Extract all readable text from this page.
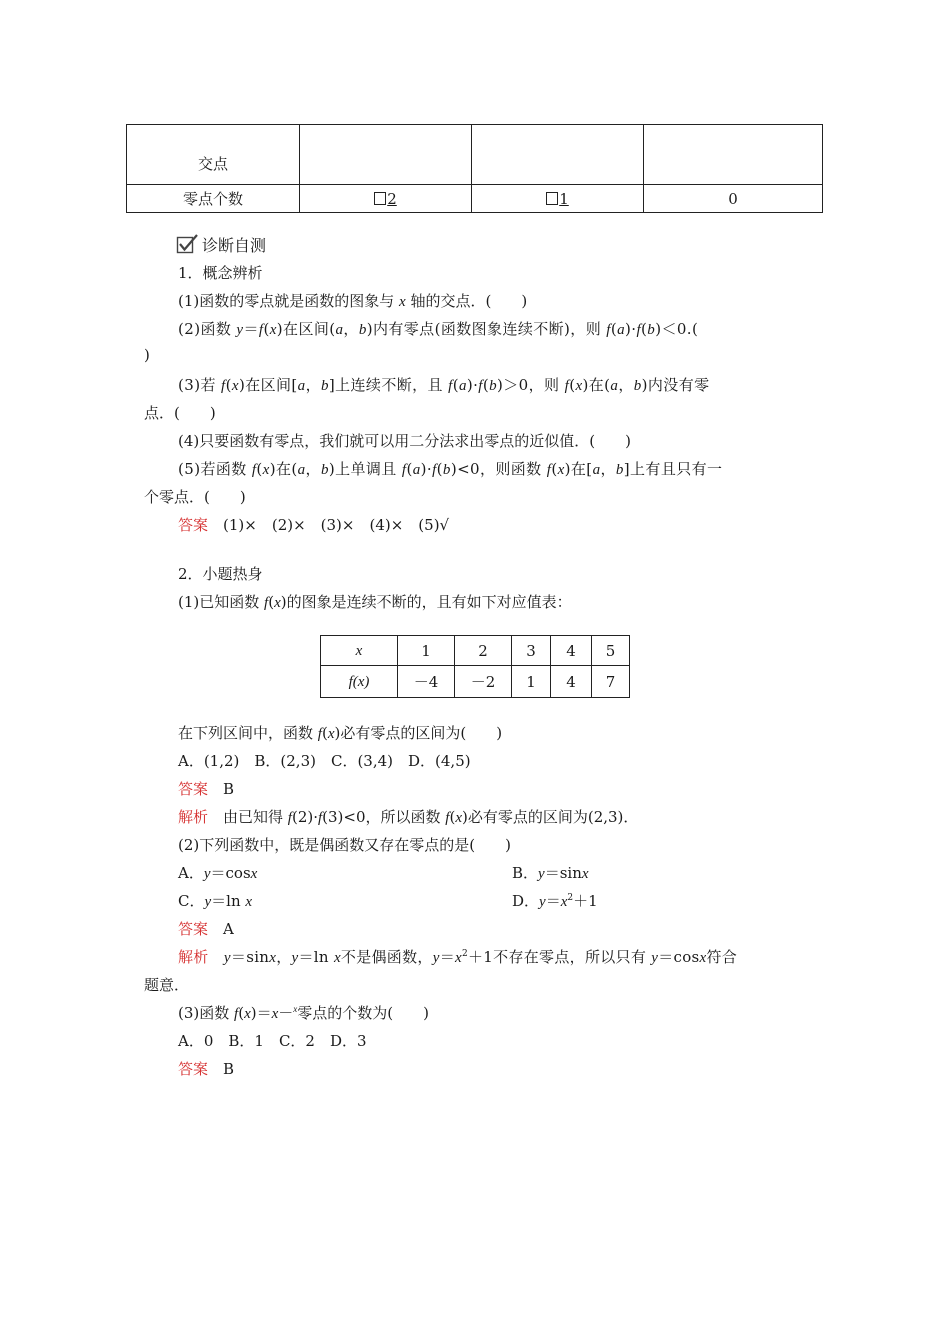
交点			
零点个数	2	1	0
诊断自测
1．概念辨析
(1)函数的零点就是函数的图象与 x 轴的交点．(　　)
(2)函数 y＝f(x)在区间(a，b)内有零点(函数图象连续不断)，则 f(a)·f(b)＜0.(
)
(3)若 f(x)在区间[a，b]上连续不断，且 f(a)·f(b)＞0，则 f(x)在(a，b)内没有零
点．(　　)
(4)只要函数有零点，我们就可以用二分法求出零点的近似值．(　　)
(5)若函数 f(x)在(a，b)上单调且 f(a)·f(b)<0，则函数 f(x)在[a，b]上有且只有一
个零点．(　　)
答案　 (1)×　(2)×　(3)×　(4)×　(5)√
2．小题热身
(1)已知函数 f(x)的图象是连续不断的，且有如下对应值表：
x	1	2	3	4	5
f(x)	－4	－2	1	4	7
在下列区间中，函数 f(x)必有零点的区间为(　　)
A．(1,2)　B．(2,3)　C．(3,4)　D．(4,5)
答案　 B
解析　由已知得 f(2)·f(3)<0，所以函数 f(x)必有零点的区间为(2,3)．
(2)下列函数中，既是偶函数又存在零点的是(　　)
A．y＝cosx	B．y＝sinx
C．y＝ln x	D．$y=x^2+1$
答案　 A
解析　 y＝sinx，y＝ln x不是偶函数，$y=x^2+1$不存在零点，所以只有 y＝cosx符合
题意．
(3)函数 f(x)＝x－$^x$零点的个数为(　　)
A．0　B．1　C．2　D．3
答案　 B
